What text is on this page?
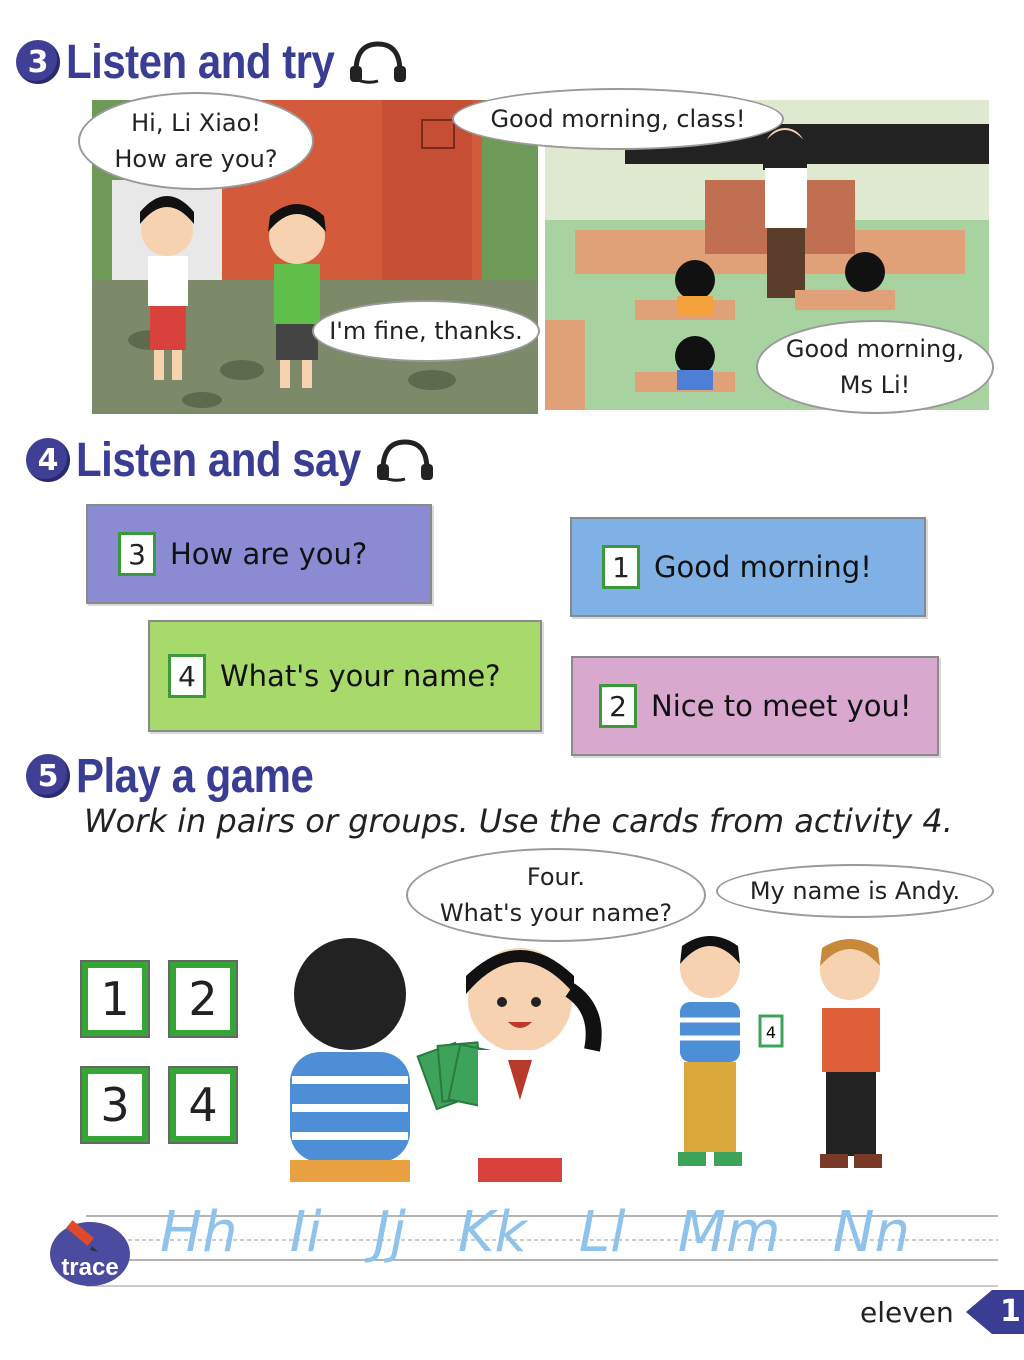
3 Listen and try
Hi, Li Xiao!
How are you?
I'm fine, thanks.
Good morning, class!
Good morning,
Ms Li!
4 Listen and say
3 How are you?	1 Good morning!
4 What's your name?
2 Nice to meet you!
5 Play a game
Work in pairs or groups. Use the cards from activity 4.
1	2
3	4
4
Four.
What's your name?
My name is Andy.
trace
Hh Ii Jj Kk Ll Mm Nn
eleven 1
